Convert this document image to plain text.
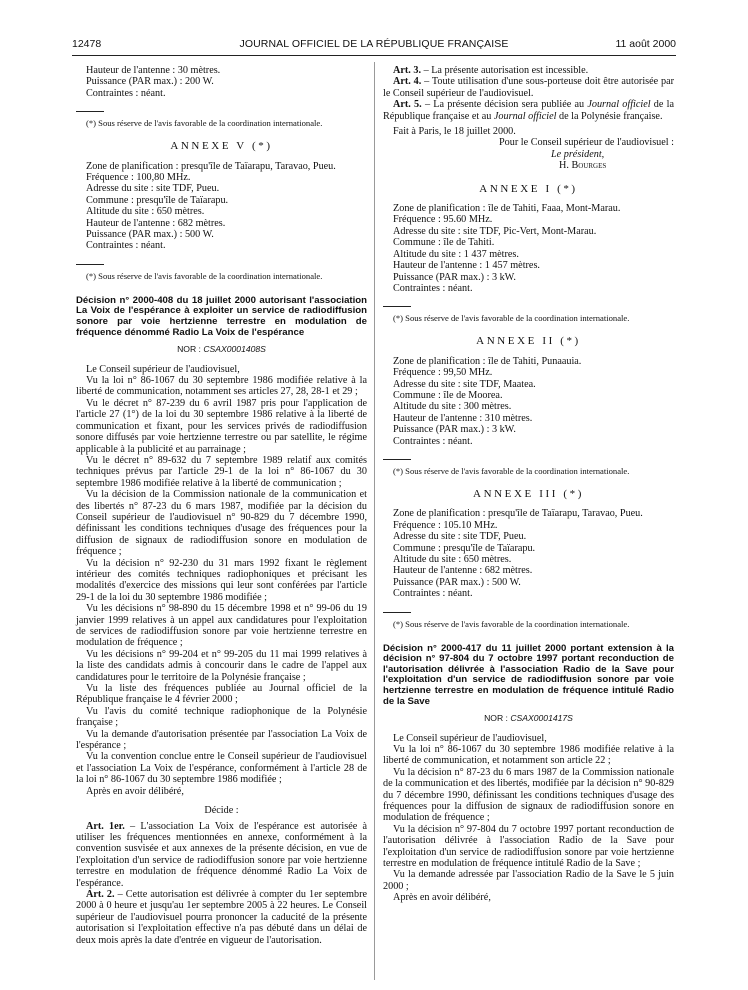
12478	JOURNAL OFFICIEL DE LA RÉPUBLIQUE FRANÇAISE	11 août 2000

Hauteur de l'antenne : 30 mètres.

Puissance (PAR max.) : 200 W.

Contraintes : néant.

(*) Sous réserve de l'avis favorable de la coordination internationale.

ANNEXE V (*)

Zone de planification : presqu'île de Taïarapu, Taravao, Pueu.

Fréquence : 100,80 MHz.

Adresse du site : site TDF, Pueu.

Commune : presqu'île de Taïarapu.

Altitude du site : 650 mètres.

Hauteur de l'antenne : 682 mètres.

Puissance (PAR max.) : 500 W.

Contraintes : néant.

(*) Sous réserve de l'avis favorable de la coordination internationale.

Décision n° 2000-408 du 18 juillet 2000 autorisant l'association La Voix de l'espérance à exploiter un service de radiodiffusion sonore par voie hertzienne terrestre en modulation de fréquence dénommé Radio La Voix de l'espérance

NOR : CSAX0001408S

Le Conseil supérieur de l'audiovisuel,

Vu la loi n° 86-1067 du 30 septembre 1986 modifiée relative à la liberté de communication, notamment ses articles 27, 28, 28-1 et 29 ;

Vu le décret n° 87-239 du 6 avril 1987 pris pour l'application de l'article 27 (1°) de la loi du 30 septembre 1986 relative à la liberté de communication et fixant, pour les services privés de radiodiffusion sonore diffusés par voie hertzienne terrestre ou par satellite, le régime applicable à la publicité et au parrainage ;

Vu le décret n° 89-632 du 7 septembre 1989 relatif aux comités techniques prévus par l'article 29-1 de la loi n° 86-1067 du 30 septembre 1986 modifiée relative à la liberté de communication ;

Vu la décision de la Commission nationale de la communication et des libertés n° 87-23 du 6 mars 1987, modifiée par la décision du Conseil supérieur de l'audiovisuel n° 90-829 du 7 décembre 1990, définissant les conditions techniques d'usage des fréquences pour la diffusion de signaux de radiodiffusion sonore en modulation de fréquence ;

Vu la décision n° 92-230 du 31 mars 1992 fixant le règlement intérieur des comités techniques radiophoniques et précisant les modalités d'exercice des missions qui leur sont conférées par l'article 29-1 de la loi du 30 septembre 1986 modifiée ;

Vu les décisions n° 98-890 du 15 décembre 1998 et n° 99-06 du 19 janvier 1999 relatives à un appel aux candidatures pour l'exploitation de services de radiodiffusion sonore par voie hertzienne terrestre en modulation de fréquence ;

Vu les décisions n° 99-204 et n° 99-205 du 11 mai 1999 relatives à la liste des candidats admis à concourir dans le cadre de l'appel aux candidatures pour le territoire de la Polynésie française ;

Vu la liste des fréquences publiée au Journal officiel de la République française le 4 février 2000 ;

Vu l'avis du comité technique radiophonique de la Polynésie française ;

Vu la demande d'autorisation présentée par l'association La Voix de l'espérance ;

Vu la convention conclue entre le Conseil supérieur de l'audiovisuel et l'association La Voix de l'espérance, conformément à l'article 28 de la loi n° 86-1067 du 30 septembre 1986 modifiée ;

Après en avoir délibéré,

Décide :

Art. 1er. – L'association La Voix de l'espérance est autorisée à utiliser les fréquences mentionnées en annexe, conformément à la convention susvisée et aux annexes de la présente décision, en vue de l'exploitation d'un service de radiodiffusion sonore par voie hertzienne terrestre en modulation de fréquence dénommé Radio La Voix de l'espérance.

Art. 2. – Cette autorisation est délivrée à compter du 1er septembre 2000 à 0 heure et jusqu'au 1er septembre 2005 à 22 heures. Le Conseil supérieur de l'audiovisuel pourra prononcer la caducité de la présente autorisation si l'exploitation effective n'a pas débuté dans un délai de deux mois après la date d'entrée en vigueur de l'autorisation.

Art. 3. – La présente autorisation est incessible.

Art. 4. – Toute utilisation d'une sous-porteuse doit être autorisée par le Conseil supérieur de l'audiovisuel.

Art. 5. – La présente décision sera publiée au Journal officiel de la République française et au Journal officiel de la Polynésie française.

Fait à Paris, le 18 juillet 2000.

Pour le Conseil supérieur de l'audiovisuel :

Le président,

H. Bourges

ANNEXE I (*)

Zone de planification : île de Tahiti, Faaa, Mont-Marau.

Fréquence : 95.60 MHz.

Adresse du site : site TDF, Pic-Vert, Mont-Marau.

Commune : île de Tahiti.

Altitude du site : 1 437 mètres.

Hauteur de l'antenne : 1 457 mètres.

Puissance (PAR max.) : 3 kW.

Contraintes : néant.

(*) Sous réserve de l'avis favorable de la coordination internationale.

ANNEXE II (*)

Zone de planification : île de Tahiti, Punaauia.

Fréquence : 99,50 MHz.

Adresse du site : site TDF, Maatea.

Commune : île de Moorea.

Altitude du site : 300 mètres.

Hauteur de l'antenne : 310 mètres.

Puissance (PAR max.) : 3 kW.

Contraintes : néant.

(*) Sous réserve de l'avis favorable de la coordination internationale.

ANNEXE III (*)

Zone de planification : presqu'île de Taïarapu, Taravao, Pueu.

Fréquence : 105.10 MHz.

Adresse du site : site TDF, Pueu.

Commune : presqu'île de Taïarapu.

Altitude du site : 650 mètres.

Hauteur de l'antenne : 682 mètres.

Puissance (PAR max.) : 500 W.

Contraintes : néant.

(*) Sous réserve de l'avis favorable de la coordination internationale.

Décision n° 2000-417 du 11 juillet 2000 portant extension à la décision n° 97-804 du 7 octobre 1997 portant reconduction de l'autorisation délivrée à l'association Radio de la Save pour l'exploitation d'un service de radiodiffusion sonore par voie hertzienne terrestre en modulation de fréquence intitulé Radio de la Save

NOR : CSAX0001417S

Le Conseil supérieur de l'audiovisuel,

Vu la loi n° 86-1067 du 30 septembre 1986 modifiée relative à la liberté de communication, et notamment son article 22 ;

Vu la décision n° 87-23 du 6 mars 1987 de la Commission nationale de la communication et des libertés, modifiée par la décision n° 90-829 du 7 décembre 1990, définissant les conditions techniques d'usage des fréquences pour la diffusion de signaux de radiodiffusion sonore en modulation de fréquence ;

Vu la décision n° 97-804 du 7 octobre 1997 portant reconduction de l'autorisation délivrée à l'association Radio de la Save pour l'exploitation d'un service de radiodiffusion sonore par voie hertzienne terrestre en modulation de fréquence intitulé Radio de la Save ;

Vu la demande adressée par l'association Radio de la Save le 5 juin 2000 ;

Après en avoir délibéré,
